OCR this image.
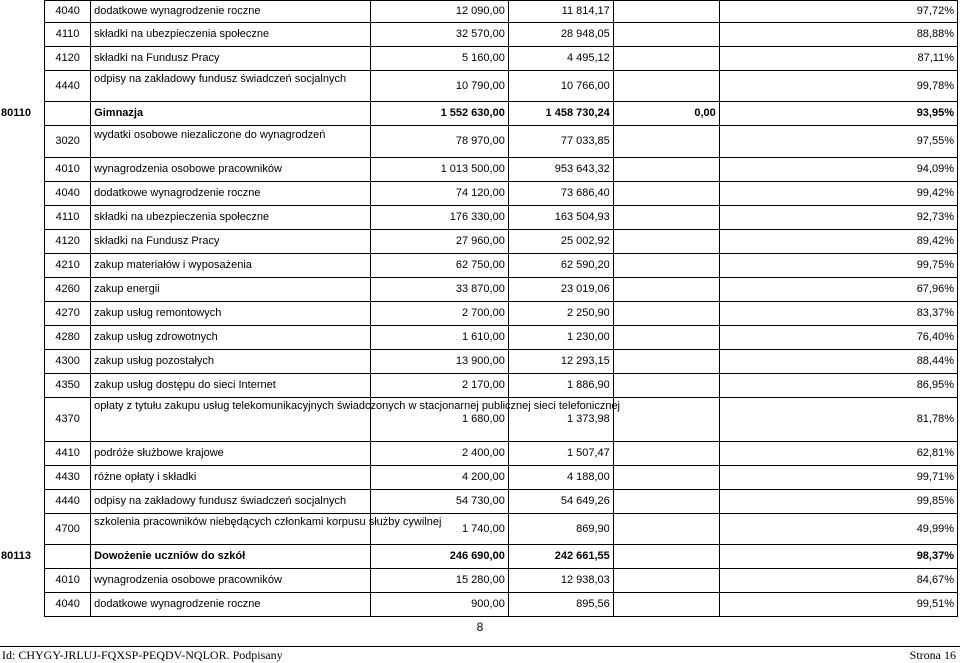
4040	dodatkowe wynagrodzenie roczne	12 090,00	11 814,17		97,72%
4110	składki na ubezpieczenia społeczne	32 570,00	28 948,05		88,88%
4120	składki na Fundusz Pracy	5 160,00	4 495,12		87,11%
4440	odpisy na zakładowy fundusz świadczeń socjalnych	10 790,00	10 766,00		99,78%
80110	Gimnazja	1 552 630,00	1 458 730,24	0,00	93,95%
3020	wydatki osobowe niezaliczone do wynagrodzeń	78 970,00	77 033,85		97,55%
4010	wynagrodzenia osobowe pracowników	1 013 500,00	953 643,32		94,09%
4040	dodatkowe wynagrodzenie roczne	74 120,00	73 686,40		99,42%
4110	składki na ubezpieczenia społeczne	176 330,00	163 504,93		92,73%
4120	składki na Fundusz Pracy	27 960,00	25 002,92		89,42%
4210	zakup materiałów i wyposażenia	62 750,00	62 590,20		99,75%
4260	zakup energii	33 870,00	23 019,06		67,96%
4270	zakup usług remontowych	2 700,00	2 250,90		83,37%
4280	zakup usług zdrowotnych	1 610,00	1 230,00		76,40%
4300	zakup usług pozostałych	13 900,00	12 293,15		88,44%
4350	zakup usług dostępu do sieci Internet	2 170,00	1 886,90		86,95%
4370	opłaty z tytułu zakupu usług telekomunikacyjnych świadczonych w stacjonarnej publicznej sieci telefonicznej	1 680,00	1 373,98		81,78%
4410	podróże służbowe krajowe	2 400,00	1 507,47		62,81%
4430	różne opłaty i składki	4 200,00	4 188,00		99,71%
4440	odpisy na zakładowy fundusz świadczeń socjalnych	54 730,00	54 649,26		99,85%
4700	szkolenia pracowników niebędących członkami korpusu służby cywilnej	1 740,00	869,90		49,99%
80113	Dowożenie uczniów do szkół	246 690,00	242 661,55		98,37%
4010	wynagrodzenia osobowe pracowników	15 280,00	12 938,03		84,67%
4040	dodatkowe wynagrodzenie roczne	900,00	895,56		99,51%
8
Id: CHYGY-JRLUJ-FQXSP-PEQDV-NQLOR. Podpisany	Strona 16
